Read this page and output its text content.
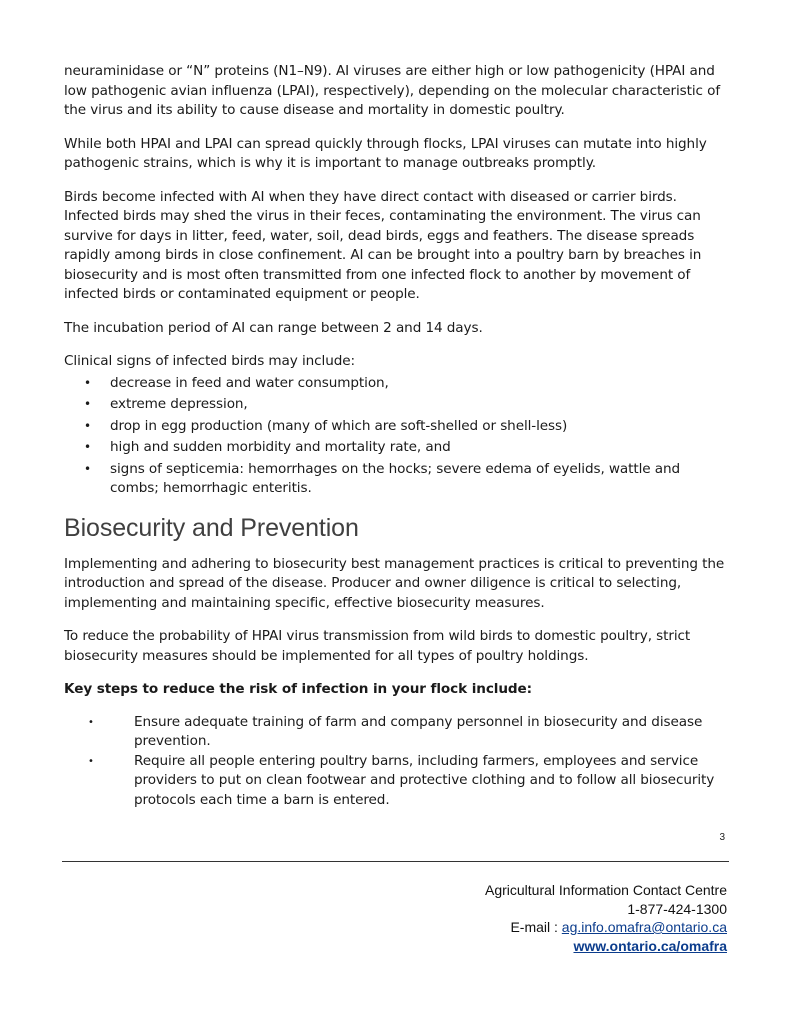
neuraminidase or “N” proteins (N1–N9). AI viruses are either high or low pathogenicity (HPAI and low pathogenic avian influenza (LPAI), respectively), depending on the molecular characteristic of the virus and its ability to cause disease and mortality in domestic poultry.

While both HPAI and LPAI can spread quickly through flocks, LPAI viruses can mutate into highly pathogenic strains, which is why it is important to manage outbreaks promptly.

Birds become infected with AI when they have direct contact with diseased or carrier birds. Infected birds may shed the virus in their feces, contaminating the environment. The virus can survive for days in litter, feed, water, soil, dead birds, eggs and feathers. The disease spreads rapidly among birds in close confinement. AI can be brought into a poultry barn by breaches in biosecurity and is most often transmitted from one infected flock to another by movement of infected birds or contaminated equipment or people.

The incubation period of AI can range between 2 and 14 days.

Clinical signs of infected birds may include:

• decrease in feed and water consumption,
• extreme depression,
• drop in egg production (many of which are soft-shelled or shell-less)
• high and sudden morbidity and mortality rate, and
• signs of septicemia: hemorrhages on the hocks; severe edema of eyelids, wattle and combs; hemorrhagic enteritis.
Biosecurity and Prevention

Implementing and adhering to biosecurity best management practices is critical to preventing the introduction and spread of the disease. Producer and owner diligence is critical to selecting, implementing and maintaining specific, effective biosecurity measures.

To reduce the probability of HPAI virus transmission from wild birds to domestic poultry, strict biosecurity measures should be implemented for all types of poultry holdings.

Key steps to reduce the risk of infection in your flock include:

• Ensure adequate training of farm and company personnel in biosecurity and disease prevention.
• Require all people entering poultry barns, including farmers, employees and service providers to put on clean footwear and protective clothing and to follow all biosecurity protocols each time a barn is entered.
3
Agricultural Information Contact Centre
1-877-424-1300
E-mail : ag.info.omafra@ontario.ca
www.ontario.ca/omafra
